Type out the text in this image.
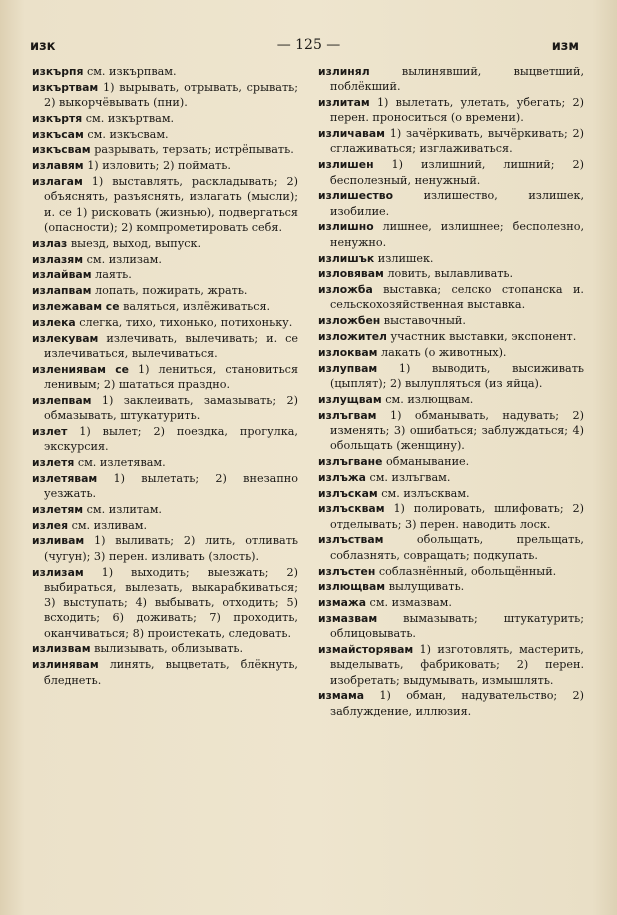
изк	— 125 —	изм
изкърпя см. изкърпвам.
изкъртвам 1) вырывать, отрывать, срывать; 2) выкорчёвывать (пни).
изкъртя см. изкъртвам.
изкъсам см. изкъсвам.
изкъсвам разрывать, терзать; истрёпывать.
излавям 1) изловить; 2) поймать.
излагам 1) выставлять, раскладывать; 2) объяснять, разъяснять, излагать (мысли); и. се 1) рисковать (жизнью), подвергаться (опасности); 2) компрометировать себя.
излаз выезд, выход, выпуск.
излазям см. излизам.
излайвам лаять.
излапвам лопать, пожирать, жрать.
излежавам се валяться, излёживаться.
излека слегка, тихо, тихонько, потихоньку.
излекувам излечивать, вылечивать; и. се излечиваться, вылечиваться.
излениявам се 1) лениться, становиться ленивым; 2) шататься праздно.
излепвам 1) заклеивать, замазывать; 2) обмазывать, штукатурить.
излет 1) вылет; 2) поездка, прогулка, экскурсия.
излетя см. излетявам.
излетявам 1) вылетать; 2) внезапно уезжать.
излетям см. излитам.
излея см. изливам.
изливам 1) выливать; 2) лить, отливать (чугун); 3) перен. изливать (злость).
излизам 1) выходить; выезжать; 2) выбираться, вылезать, выкарабкиваться; 3) выступать; 4) выбывать, отходить; 5) всходить; 6) доживать; 7) проходить, оканчиваться; 8) проистекать, следовать.
излизвам вылизывать, облизывать.
излинявам линять, выцветать, блёкнуть, бледнеть.
излинял	вылинявший, выцветший, поблёкший.
излитам 1) вылетать, улетать, убегать; 2) перен. проноситься (о времени).
изличавам 1) зачёркивать, вычёркивать; 2) сглаживаться; изглаживаться.
излишен 1) излишний, лишний; 2) бесполезный, ненужный.
излишество	излишество, излишек, изобилие.
излишно лишнее, излишнее; бесполезно, ненужно.
излишък излишек.
изловявам ловить, вылавливать.
изложба выставка; селско стопанска и. сельскохозяйственная выставка.
изложбен выставочный.
изложител участник выставки, экспонент.
излоквам лакать (о животных).
излупвам 1) выводить, высиживать (цыплят); 2) вылупляться (из яйца).
излущвам см. излющвам.
излъгвам 1) обманывать, надувать; 2) изменять; 3) ошибаться; заблуждаться; 4) обольщать (женщину).
излъгване обманывание.
излъжа см. излъгвам.
излъскам см. излъсквам.
излъсквам 1) полировать, шлифовать; 2) отделывать; 3) перен. наводить лоск.
излъствам	обольщать, прельщать, соблазнять, совращать; подкупать.
излъстен соблазнённый, обольщённый.
излющвам вылущивать.
измажа см. измазвам.
измазвам вымазывать; штукатурить; облицовывать.
измайсторявам 1) изготовлять, мастерить, выделывать, фабриковать; 2) перен. изобретать; выдумывать, измышлять.
измама 1) обман, надувательство; 2) заблуждение, иллюзия.
